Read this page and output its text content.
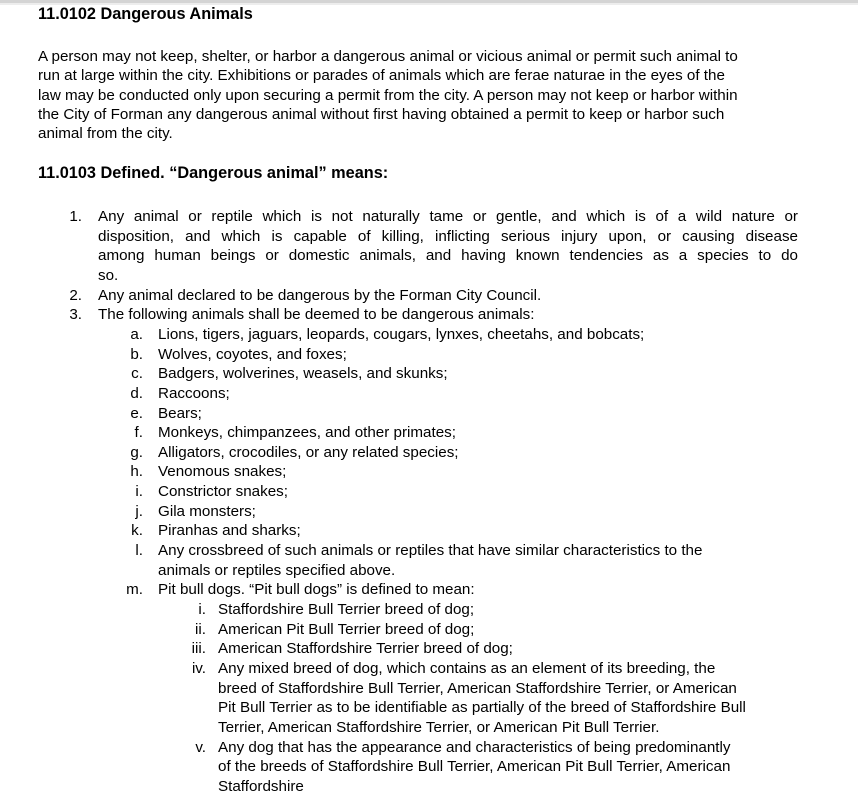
11.0102 Dangerous Animals
A person may not keep, shelter, or harbor a dangerous animal or vicious animal or permit such animal to
run at large within the city. Exhibitions or parades of animals which are ferae naturae in the eyes of the
law may be conducted only upon securing a permit from the city. A person may not keep or harbor within
the City of Forman any dangerous animal without first having obtained a permit to keep or harbor such
animal from the city.
11.0103 Defined. “Dangerous animal” means:
1. Any animal or reptile which is not naturally tame or gentle, and which is of a wild nature or
disposition, and which is capable of killing, inflicting serious injury upon, or causing disease
among human beings or domestic animals, and having known tendencies as a species to do
so.
2. Any animal declared to be dangerous by the Forman City Council.
3. The following animals shall be deemed to be dangerous animals:
a. Lions, tigers, jaguars, leopards, cougars, lynxes, cheetahs, and bobcats;
b. Wolves, coyotes, and foxes;
c. Badgers, wolverines, weasels, and skunks;
d. Raccoons;
e. Bears;
f. Monkeys, chimpanzees, and other primates;
g. Alligators, crocodiles, or any related species;
h. Venomous snakes;
i. Constrictor snakes;
j. Gila monsters;
k. Piranhas and sharks;
l. Any crossbreed of such animals or reptiles that have similar characteristics to the
animals or reptiles specified above.
m. Pit bull dogs. “Pit bull dogs” is defined to mean:
i. Staffordshire Bull Terrier breed of dog;
ii. American Pit Bull Terrier breed of dog;
iii. American Staffordshire Terrier breed of dog;
iv. Any mixed breed of dog, which contains as an element of its breeding, the
breed of Staffordshire Bull Terrier, American Staffordshire Terrier, or American
Pit Bull Terrier as to be identifiable as partially of the breed of Staffordshire Bull
Terrier, American Staffordshire Terrier, or American Pit Bull Terrier.
v. Any dog that has the appearance and characteristics of being predominantly
of the breeds of Staffordshire Bull Terrier, American Pit Bull Terrier, American
Staffordshire
